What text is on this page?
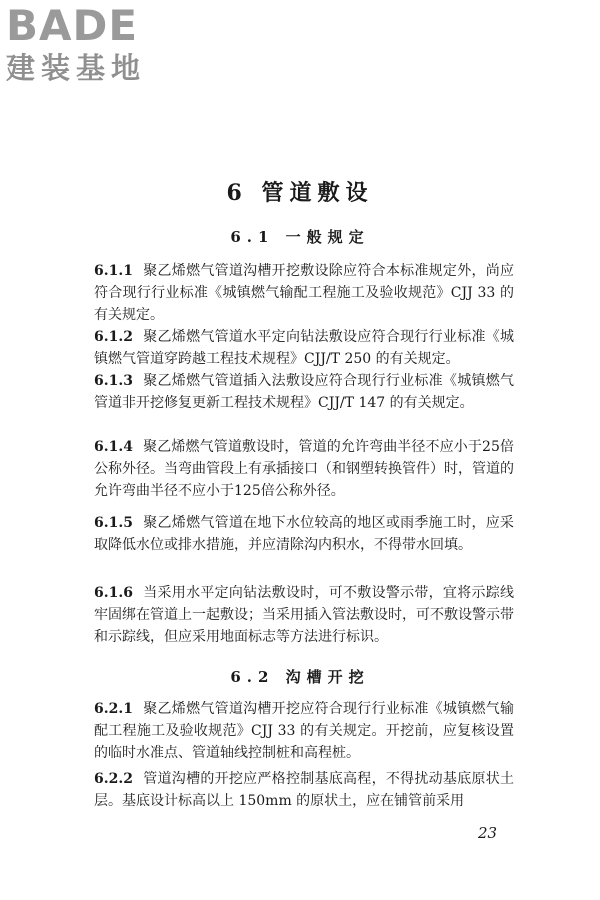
BADE
建装基地
6 管道敷设
6.1 一般规定
6.1.1 聚乙烯燃气管道沟槽开挖敷设除应符合本标准规定外，尚应符合现行行业标准《城镇燃气输配工程施工及验收规范》CJJ 33 的有关规定。
6.1.2 聚乙烯燃气管道水平定向钻法敷设应符合现行行业标准《城镇燃气管道穿跨越工程技术规程》CJJ/T 250 的有关规定。
6.1.3 聚乙烯燃气管道插入法敷设应符合现行行业标准《城镇燃气管道非开挖修复更新工程技术规程》CJJ/T 147 的有关规定。
6.1.4 聚乙烯燃气管道敷设时，管道的允许弯曲半径不应小于25倍公称外径。当弯曲管段上有承插接口（和钢塑转换管件）时，管道的允许弯曲半径不应小于125倍公称外径。
6.1.5 聚乙烯燃气管道在地下水位较高的地区或雨季施工时，应采取降低水位或排水措施，并应清除沟内积水，不得带水回填。
6.1.6 当采用水平定向钻法敷设时，可不敷设警示带，宜将示踪线牢固绑在管道上一起敷设；当采用插入管法敷设时，可不敷设警示带和示踪线，但应采用地面标志等方法进行标识。
6.2 沟槽开挖
6.2.1 聚乙烯燃气管道沟槽开挖应符合现行行业标准《城镇燃气输配工程施工及验收规范》CJJ 33 的有关规定。开挖前，应复核设置的临时水准点、管道轴线控制桩和高程桩。
6.2.2 管道沟槽的开挖应严格控制基底高程，不得扰动基底原状土层。基底设计标高以上 150mm 的原状土，应在铺管前采用
23
